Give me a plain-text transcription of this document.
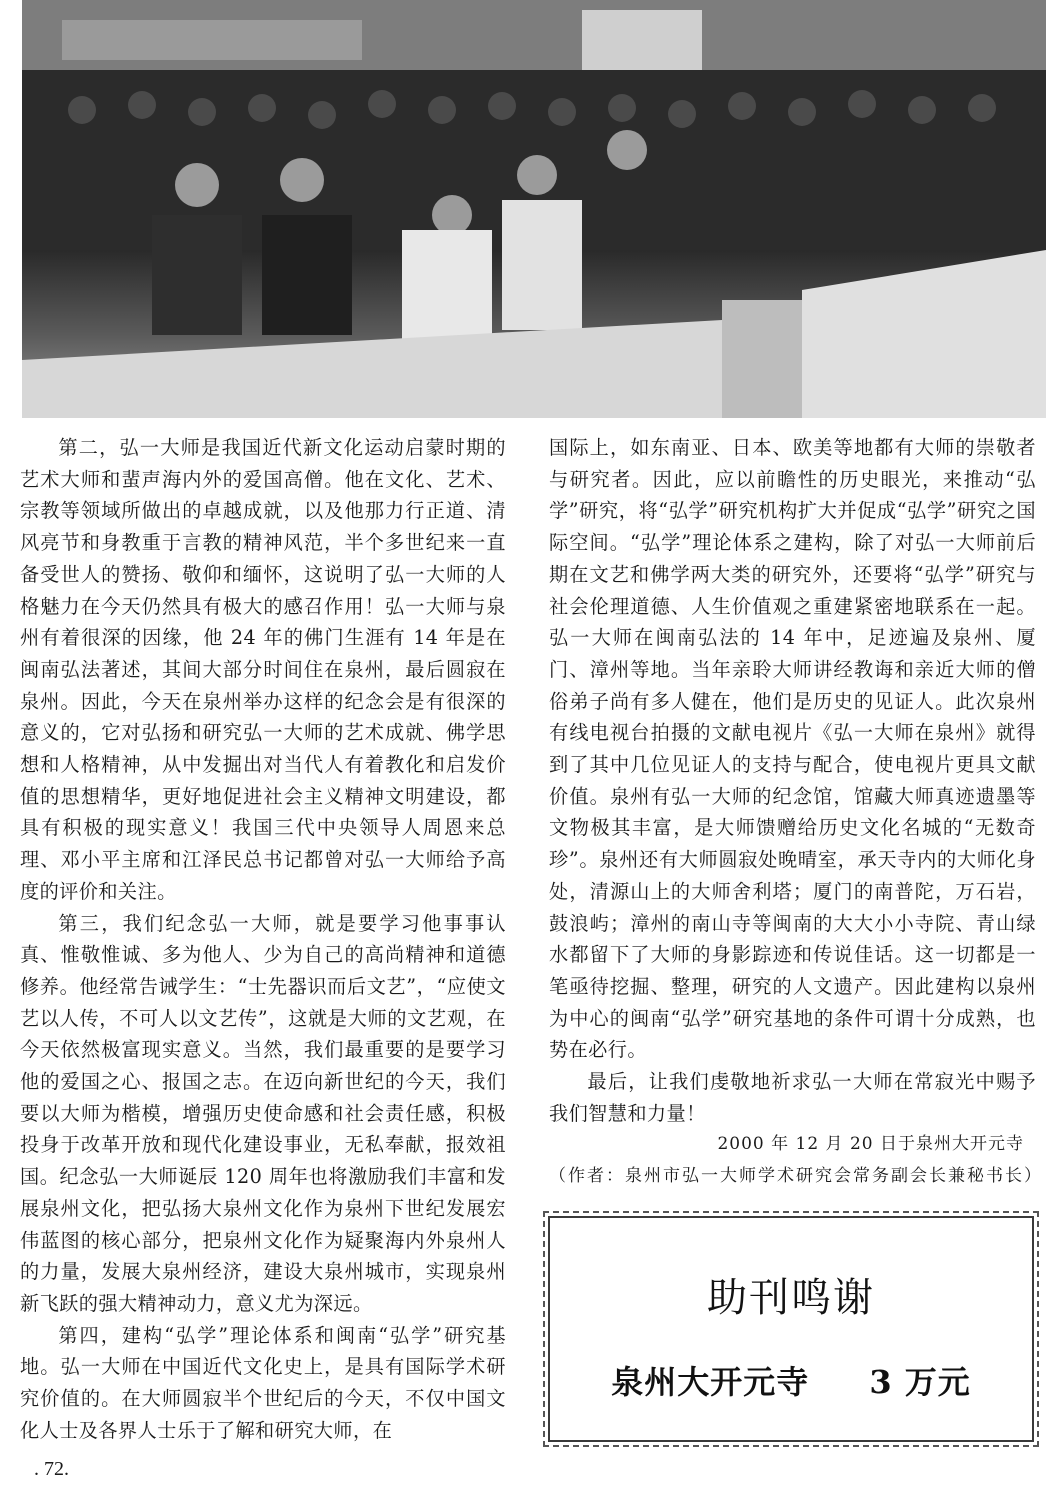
第二，弘一大师是我国近代新文化运动启蒙时期的艺术大师和蜚声海内外的爱国高僧。他在文化、艺术、宗教等领域所做出的卓越成就，以及他那力行正道、清风亮节和身教重于言教的精神风范，半个多世纪来一直备受世人的赞扬、敬仰和缅怀，这说明了弘一大师的人格魅力在今天仍然具有极大的感召作用！弘一大师与泉州有着很深的因缘，他 24 年的佛门生涯有 14 年是在闽南弘法著述，其间大部分时间住在泉州，最后圆寂在泉州。因此，今天在泉州举办这样的纪念会是有很深的意义的，它对弘扬和研究弘一大师的艺术成就、佛学思想和人格精神，从中发掘出对当代人有着教化和启发价值的思想精华，更好地促进社会主义精神文明建设，都具有积极的现实意义！我国三代中央领导人周恩来总理、邓小平主席和江泽民总书记都曾对弘一大师给予高度的评价和关注。

第三，我们纪念弘一大师，就是要学习他事事认真、惟敬惟诚、多为他人、少为自己的高尚精神和道德修养。他经常告诫学生：“士先器识而后文艺”，“应使文艺以人传，不可人以文艺传”，这就是大师的文艺观，在今天依然极富现实意义。当然，我们最重要的是要学习他的爱国之心、报国之志。在迈向新世纪的今天，我们要以大师为楷模，增强历史使命感和社会责任感，积极投身于改革开放和现代化建设事业，无私奉献，报效祖国。纪念弘一大师诞辰 120 周年也将激励我们丰富和发展泉州文化，把弘扬大泉州文化作为泉州下世纪发展宏伟蓝图的核心部分，把泉州文化作为疑聚海内外泉州人的力量，发展大泉州经济，建设大泉州城市，实现泉州新飞跃的强大精神动力，意义尤为深远。

第四，建构“弘学”理论体系和闽南“弘学”研究基地。弘一大师在中国近代文化史上，是具有国际学术研究价值的。在大师圆寂半个世纪后的今天，不仅中国文化人士及各界人士乐于了解和研究大师，在

国际上，如东南亚、日本、欧美等地都有大师的崇敬者与研究者。因此，应以前瞻性的历史眼光，来推动“弘学”研究，将“弘学”研究机构扩大并促成“弘学”研究之国际空间。“弘学”理论体系之建构，除了对弘一大师前后期在文艺和佛学两大类的研究外，还要将“弘学”研究与社会伦理道德、人生价值观之重建紧密地联系在一起。弘一大师在闽南弘法的 14 年中，足迹遍及泉州、厦门、漳州等地。当年亲聆大师讲经教诲和亲近大师的僧俗弟子尚有多人健在，他们是历史的见证人。此次泉州有线电视台拍摄的文献电视片《弘一大师在泉州》就得到了其中几位见证人的支持与配合，使电视片更具文献价值。泉州有弘一大师的纪念馆，馆藏大师真迹遗墨等文物极其丰富，是大师馈赠给历史文化名城的“无数奇珍”。泉州还有大师圆寂处晚晴室，承天寺内的大师化身处，清源山上的大师舍利塔；厦门的南普陀，万石岩，鼓浪屿；漳州的南山寺等闽南的大大小小寺院、青山绿水都留下了大师的身影踪迹和传说佳话。这一切都是一笔亟待挖掘、整理，研究的人文遗产。因此建构以泉州为中心的闽南“弘学”研究基地的条件可谓十分成熟，也势在必行。

最后，让我们虔敬地祈求弘一大师在常寂光中赐予我们智慧和力量！

2000 年 12 月 20 日于泉州大开元寺

（作者：泉州市弘一大师学术研究会常务副会长兼秘书长）

助刊鸣谢
泉州大开元寺 3 万元
. 72.
